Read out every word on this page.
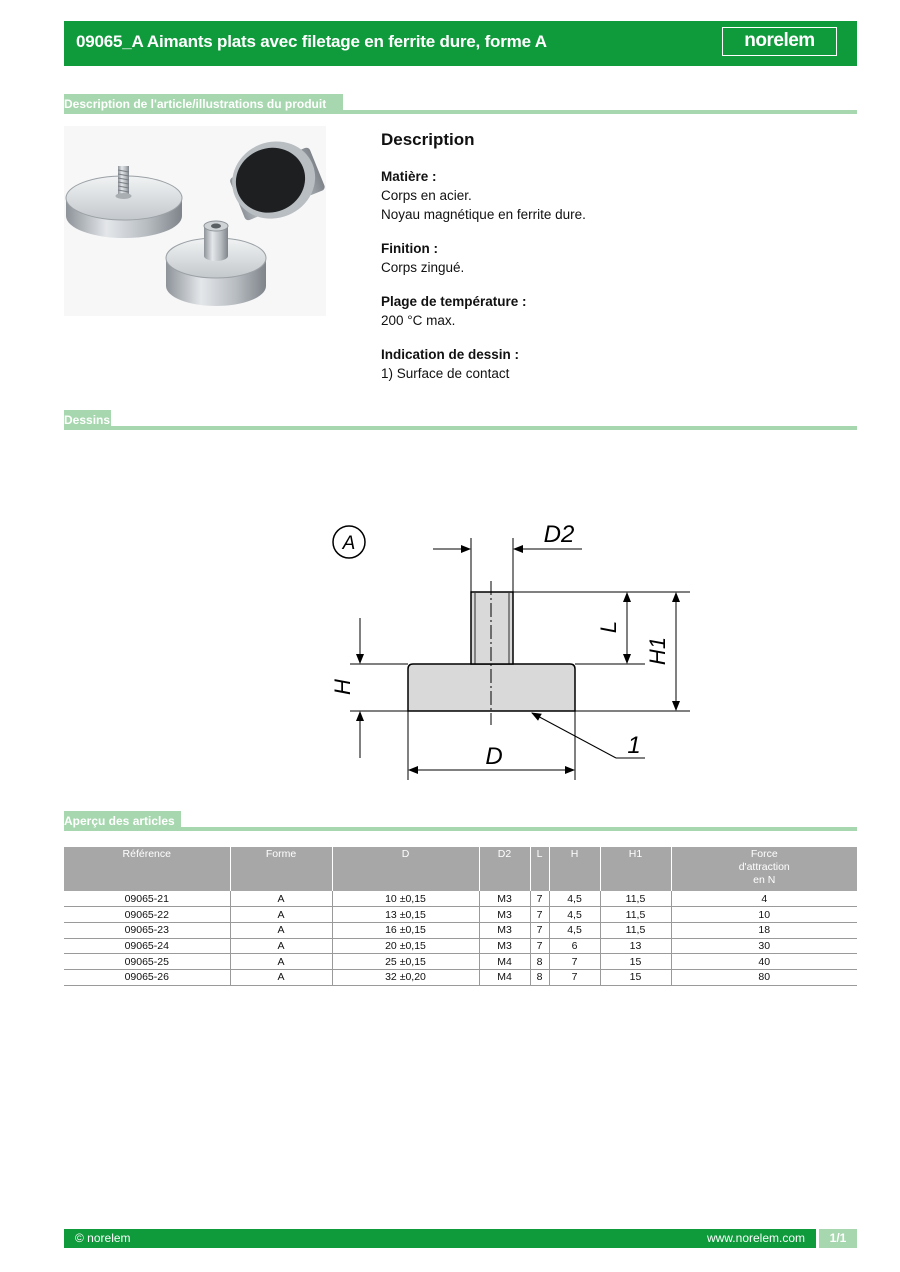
09065_A Aimants plats avec filetage en ferrite dure, forme A	norelem
Description de l'article/illustrations du produit
Description
Matière :
Corps en acier.
Noyau magnétique en ferrite dure.
Finition :
Corps zingué.
Plage de température :
200 °C max.
Indication de dessin :
1) Surface de contact
Dessins
A	D2
L
H1
H
D	1
Aperçu des articles
Référence	Forme	D	D2	L	H	H1	Force
d'attraction
en N
09065-21	A	10 ±0,15	M3	7	4,5	11,5	4
09065-22	A	13 ±0,15	M3	7	4,5	11,5	10
09065-23	A	16 ±0,15	M3	7	4,5	11,5	18
09065-24	A	20 ±0,15	M3	7	6	13	30
09065-25	A	25 ±0,15	M4	8	7	15	40
09065-26	A	32 ±0,20	M4	8	7	15	80
© norelem	www.norelem.com	1/1
